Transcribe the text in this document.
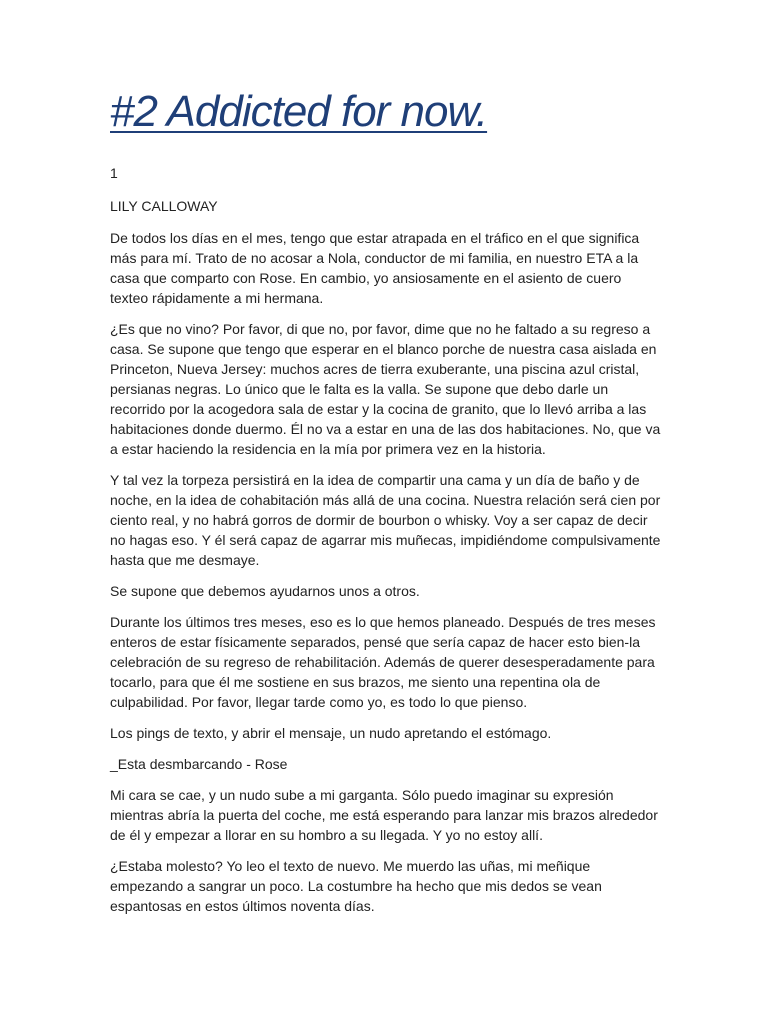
#2 Addicted for now.
1
LILY CALLOWAY

De todos los días en el mes, tengo que estar atrapada en el tráfico en el que significa más para mí. Trato de no acosar a Nola, conductor de mi familia, en nuestro ETA a la casa que comparto con Rose. En cambio, yo ansiosamente en el asiento de cuero texteo rápidamente a mi hermana.

¿Es que no vino? Por favor, di que no, por favor, dime que no he faltado a su regreso a casa. Se supone que tengo que esperar en el blanco porche de nuestra casa aislada en Princeton, Nueva Jersey: muchos acres de tierra exuberante, una piscina azul cristal, persianas negras. Lo único que le falta es la valla. Se supone que debo darle un recorrido por la acogedora sala de estar y la cocina de granito, que lo llevó arriba a las habitaciones donde duermo. Él no va a estar en una de las dos habitaciones. No, que va a estar haciendo la residencia en la mía por primera vez en la historia.

Y tal vez la torpeza persistirá en la idea de compartir una cama y un día de baño y de noche, en la idea de cohabitación más allá de una cocina. Nuestra relación será cien por ciento real, y no habrá gorros de dormir de bourbon o whisky. Voy a ser capaz de decir no hagas eso. Y él será capaz de agarrar mis muñecas, impidiéndome compulsivamente hasta que me desmaye.

Se supone que debemos ayudarnos unos a otros.

Durante los últimos tres meses, eso es lo que hemos planeado. Después de tres meses enteros de estar físicamente separados, pensé que sería capaz de hacer esto bien-la celebración de su regreso de rehabilitación. Además de querer desesperadamente para tocarlo, para que él me sostiene en sus brazos, me siento una repentina ola de culpabilidad. Por favor, llegar tarde como yo, es todo lo que pienso.

Los pings de texto, y abrir el mensaje, un nudo apretando el estómago.

_Esta desmbarcando - Rose

Mi cara se cae, y un nudo sube a mi garganta. Sólo puedo imaginar su expresión mientras abría la puerta del coche, me está esperando para lanzar mis brazos alrededor de él y empezar a llorar en su hombro a su llegada. Y yo no estoy allí.

¿Estaba molesto? Yo leo el texto de nuevo. Me muerdo las uñas, mi meñique empezando a sangrar un poco. La costumbre ha hecho que mis dedos se vean espantosas en estos últimos noventa días.
